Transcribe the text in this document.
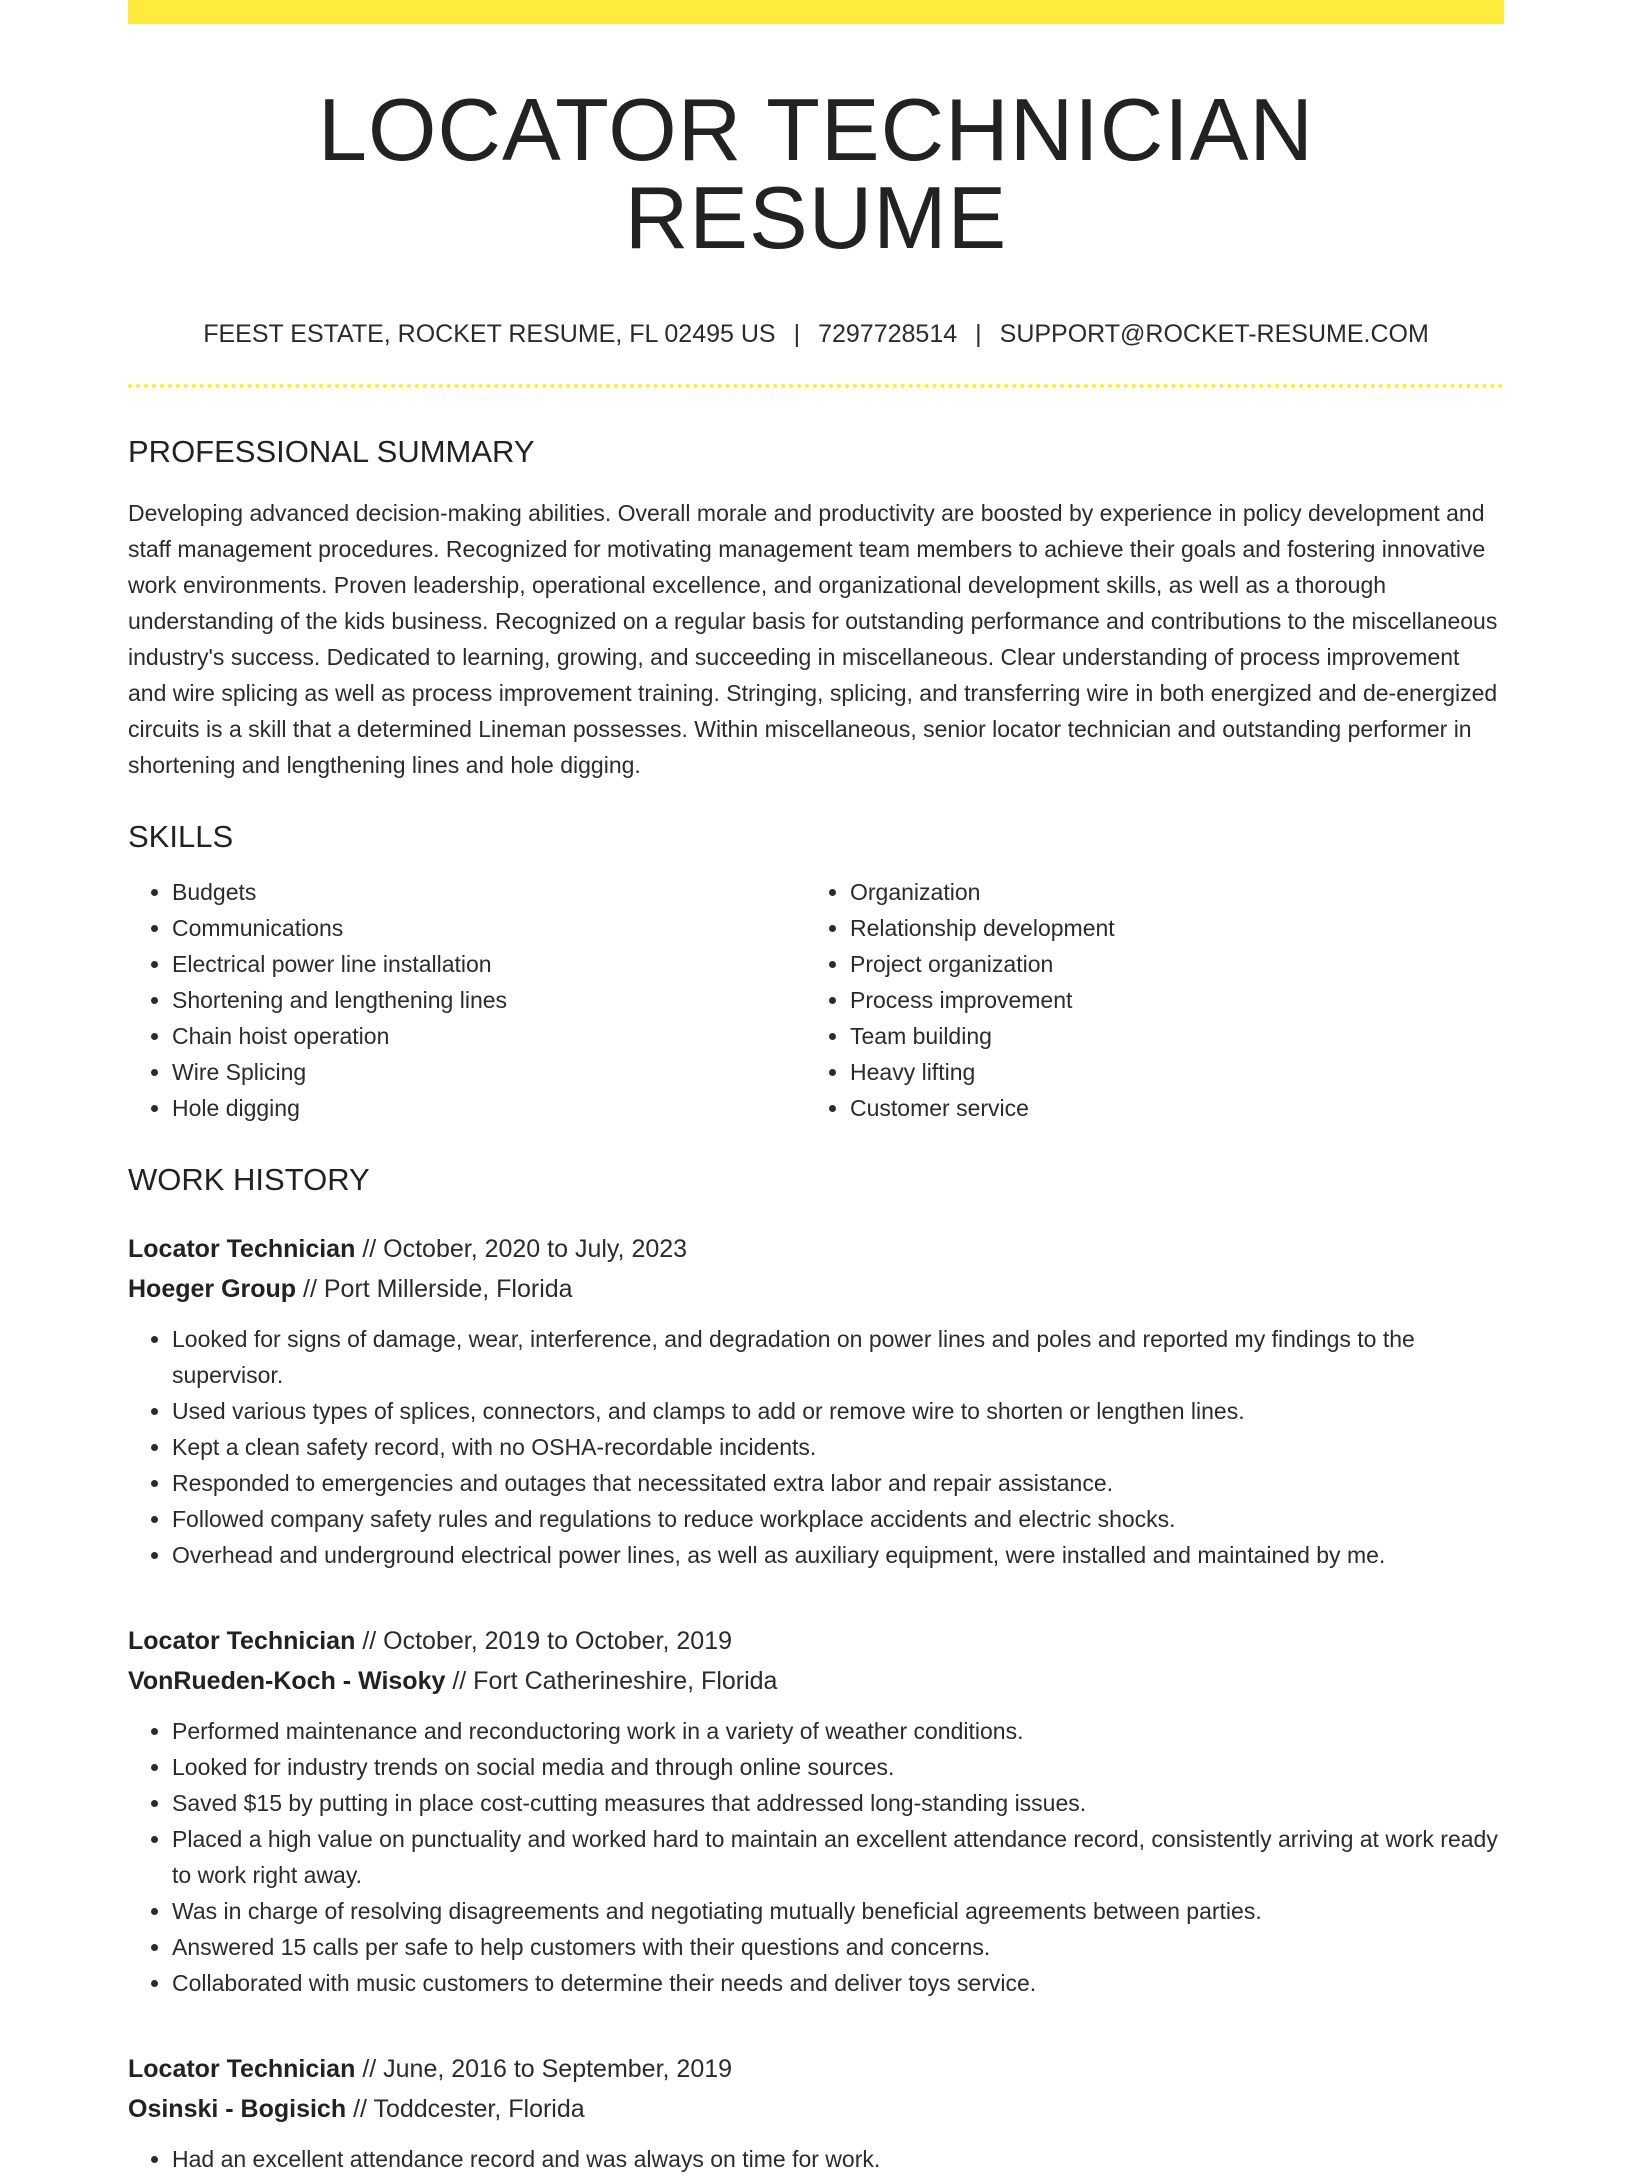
LOCATOR TECHNICIAN RESUME
FEEST ESTATE, ROCKET RESUME, FL 02495 US | 7297728514 | SUPPORT@ROCKET-RESUME.COM
PROFESSIONAL SUMMARY
Developing advanced decision-making abilities. Overall morale and productivity are boosted by experience in policy development and staff management procedures. Recognized for motivating management team members to achieve their goals and fostering innovative work environments. Proven leadership, operational excellence, and organizational development skills, as well as a thorough understanding of the kids business. Recognized on a regular basis for outstanding performance and contributions to the miscellaneous industry's success. Dedicated to learning, growing, and succeeding in miscellaneous. Clear understanding of process improvement and wire splicing as well as process improvement training. Stringing, splicing, and transferring wire in both energized and de-energized circuits is a skill that a determined Lineman possesses. Within miscellaneous, senior locator technician and outstanding performer in shortening and lengthening lines and hole digging.
SKILLS
• Budgets
• Communications
• Electrical power line installation
• Shortening and lengthening lines
• Chain hoist operation
• Wire Splicing
• Hole digging
• Organization
• Relationship development
• Project organization
• Process improvement
• Team building
• Heavy lifting
• Customer service
WORK HISTORY
Locator Technician // October, 2020 to July, 2023
Hoeger Group // Port Millerside, Florida
• Looked for signs of damage, wear, interference, and degradation on power lines and poles and reported my findings to the supervisor.
• Used various types of splices, connectors, and clamps to add or remove wire to shorten or lengthen lines.
• Kept a clean safety record, with no OSHA-recordable incidents.
• Responded to emergencies and outages that necessitated extra labor and repair assistance.
• Followed company safety rules and regulations to reduce workplace accidents and electric shocks.
• Overhead and underground electrical power lines, as well as auxiliary equipment, were installed and maintained by me.
Locator Technician // October, 2019 to October, 2019
VonRueden-Koch - Wisoky // Fort Catherineshire, Florida
• Performed maintenance and reconductoring work in a variety of weather conditions.
• Looked for industry trends on social media and through online sources.
• Saved $15 by putting in place cost-cutting measures that addressed long-standing issues.
• Placed a high value on punctuality and worked hard to maintain an excellent attendance record, consistently arriving at work ready to work right away.
• Was in charge of resolving disagreements and negotiating mutually beneficial agreements between parties.
• Answered 15 calls per safe to help customers with their questions and concerns.
• Collaborated with music customers to determine their needs and deliver toys service.
Locator Technician // June, 2016 to September, 2019
Osinski - Bogisich // Toddcester, Florida
• Had an excellent attendance record and was always on time for work.
